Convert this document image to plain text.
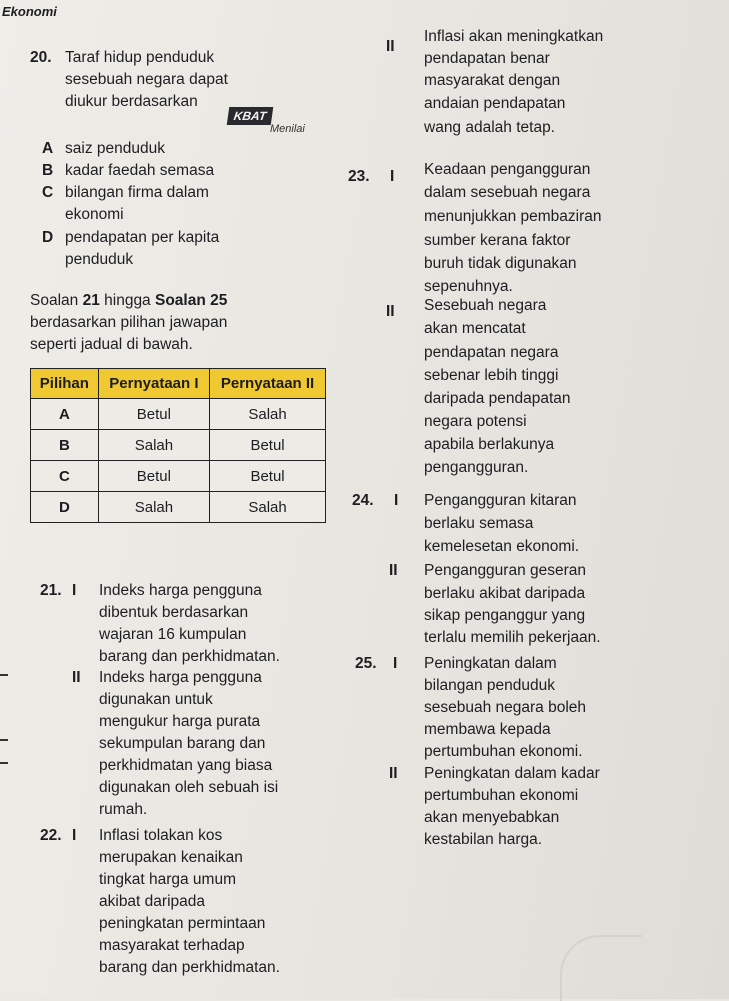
Ekonomi
20. Taraf hidup penduduk
sesebuah negara dapat
diukur berdasarkan
KBAT
Menilai
A saiz penduduk
B kadar faedah semasa
C bilangan firma dalam
ekonomi
D pendapatan per kapita
penduduk
Soalan 21 hingga Soalan 25
berdasarkan pilihan jawapan
seperti jadual di bawah.
Pilihan	Pernyataan I	Pernyataan II
A	Betul	Salah
B	Salah	Betul
C	Betul	Betul
D	Salah	Salah
21. I Indeks harga pengguna
dibentuk berdasarkan
wajaran 16 kumpulan
barang dan perkhidmatan.
II Indeks harga pengguna
digunakan untuk
mengukur harga purata
sekumpulan barang dan
perkhidmatan yang biasa
digunakan oleh sebuah isi
rumah.
22. I Inflasi tolakan kos
merupakan kenaikan
tingkat harga umum
akibat daripada
peningkatan permintaan
masyarakat terhadap
barang dan perkhidmatan.
II
Inflasi akan meningkatkan
pendapatan benar
masyarakat dengan
andaian pendapatan
wang adalah tetap.
23. I Keadaan pengangguran
dalam sesebuah negara
menunjukkan pembaziran
sumber kerana faktor
buruh tidak digunakan
sepenuhnya.
II Sesebuah negara
akan mencatat
pendapatan negara
sebenar lebih tinggi
daripada pendapatan
negara potensi
apabila berlakunya
pengangguran.
24. I Pengangguran kitaran
berlaku semasa
kemelesetan ekonomi.
II Pengangguran geseran
berlaku akibat daripada
sikap penganggur yang
terlalu memilih pekerjaan.
25. I Peningkatan dalam
bilangan penduduk
sesebuah negara boleh
membawa kepada
pertumbuhan ekonomi.
II Peningkatan dalam kadar
pertumbuhan ekonomi
akan menyebabkan
kestabilan harga.
